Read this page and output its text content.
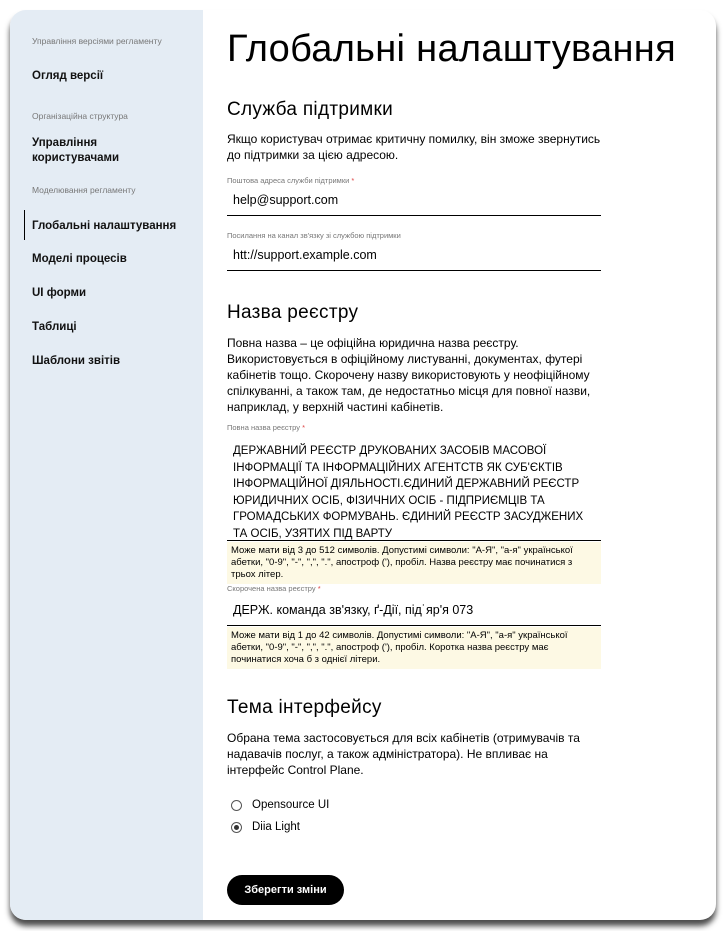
Управління версіями регламенту
Огляд версії
Організаційна структура
Управління користувачами
Моделювання регламенту
Глобальні налаштування
Моделі процесів
UI форми
Таблиці
Шаблони звітів
Глобальні налаштування
Служба підтримки
Якщо користувач отримає критичну помилку, він зможе звернутись до підтримки за цією адресою.
Поштова адреса служби підтримки *
help@support.com
Посилання на канал зв'язку зі службою підтримки
htt://support.example.com
Назва реєстру
Повна назва – це офіційна юридична назва реєстру. Використовується в офіційному листуванні, документах, футері кабінетів тощо. Скорочену назву використовують у неофіційному спілкуванні, а також там, де недостатньо місця для повної назви, наприклад, у верхній частині кабінетів.
Повна назва реєстру *
ДЕРЖАВНИЙ РЕЄСТР ДРУКОВАНИХ ЗАСОБІВ МАСОВОЇ ІНФОРМАЦІЇ ТА ІНФОРМАЦІЙНИХ АГЕНТСТВ ЯК СУБ'ЄКТІВ ІНФОРМАЦІЙНОЇ ДІЯЛЬНОСТІ.ЄДИНИЙ ДЕРЖАВНИЙ РЕЄСТР ЮРИДИЧНИХ ОСІБ, ФІЗИЧНИХ ОСІБ - ПІДПРИЄМЦІВ ТА ГРОМАДСЬКИХ ФОРМУВАНЬ. ЄДИНИЙ РЕЄСТР ЗАСУДЖЕНИХ ТА ОСІБ, УЗЯТИХ ПІД ВАРТУ
Може мати від 3 до 512 символів. Допустимі символи: "А-Я", "а-я" української абетки, "0-9", "-", ",", ".", апостроф ('), пробіл. Назва реєстру має починатися з трьох літер.
Скорочена назва реєстру *
ДЕРЖ. команда зв'язку, ґ-Дії, під˙яр'я 073
Може мати від 1 до 42 символів. Допустимі символи: "А-Я", "а-я" української абетки, "0-9", "-", ",", ".", апостроф ('), пробіл. Коротка назва реєстру має починатися хоча б з однієї літери.
Тема інтерфейсу
Обрана тема застосовується для всіх кабінетів (отримувачів та надавачів послуг, а також адміністратора). Не впливає на інтерфейс Control Plane.
Opensource UI
Diia Light
Зберегти зміни
